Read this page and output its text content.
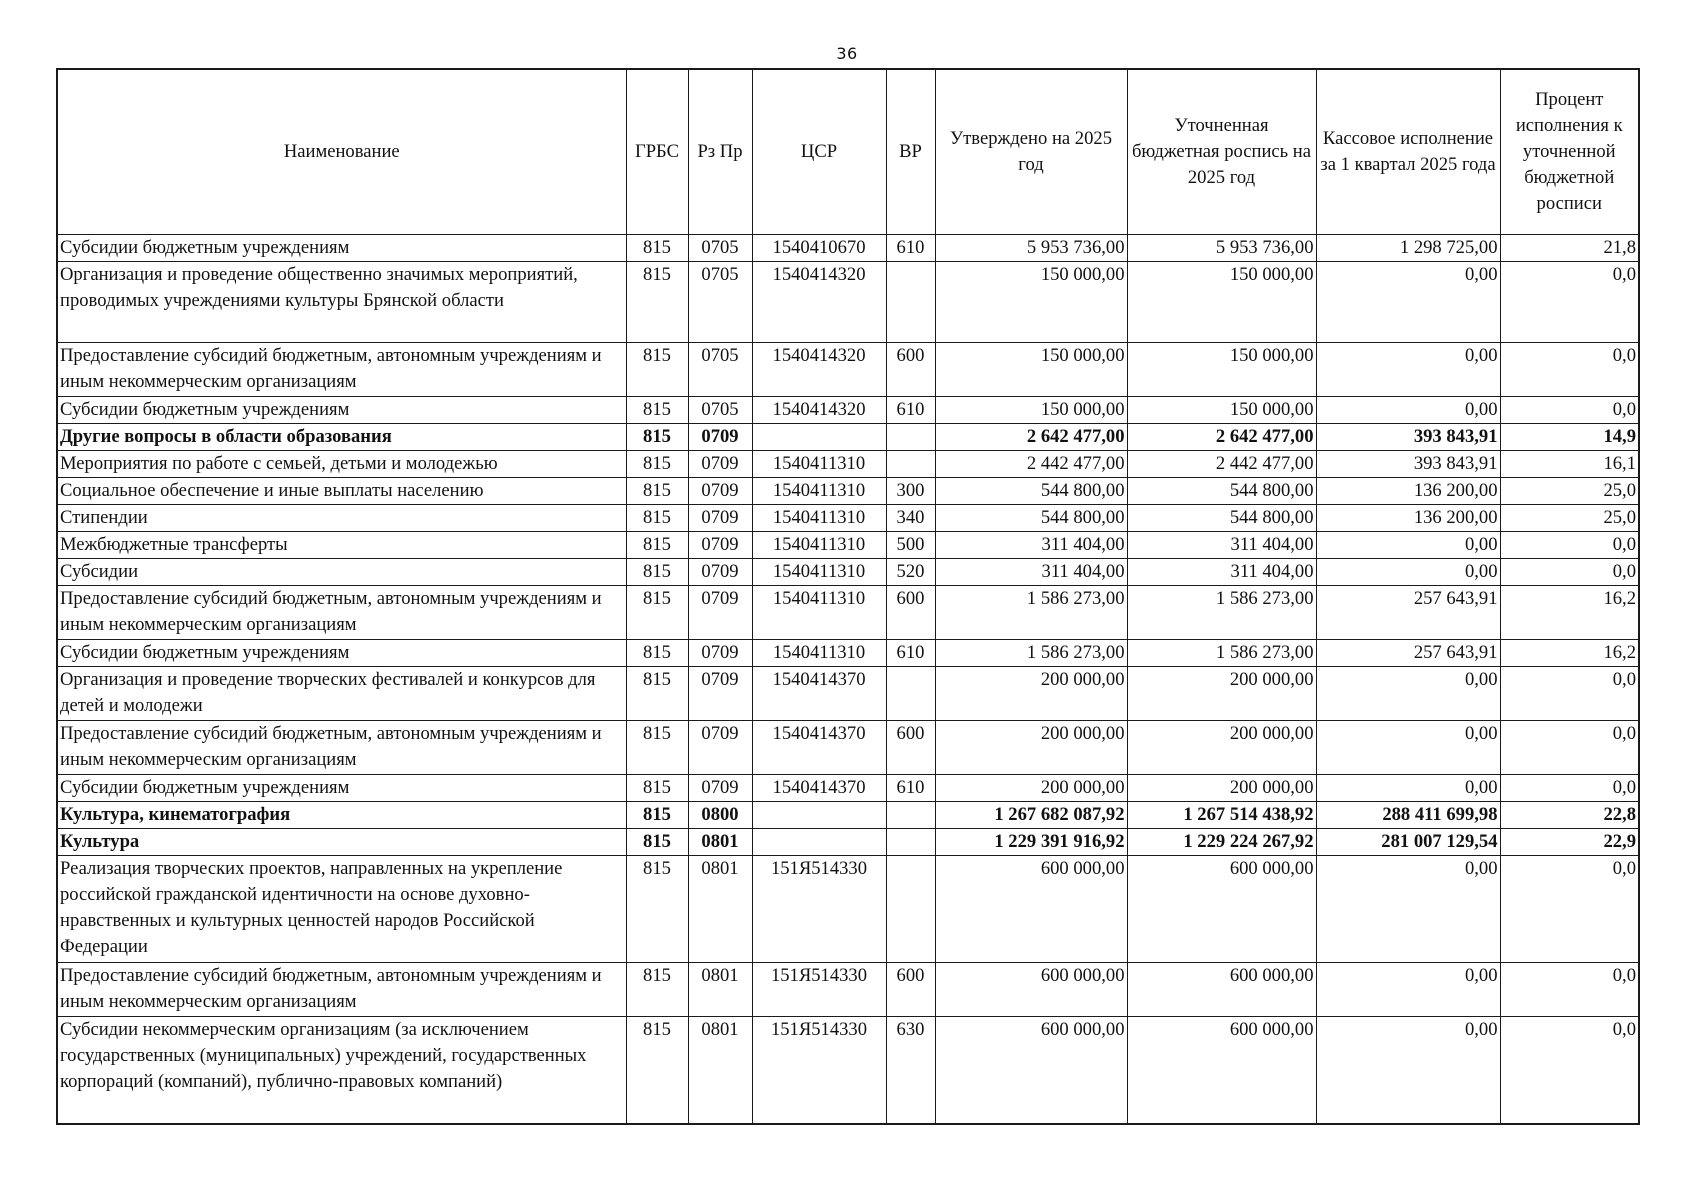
36
Наименование	ГРБС	Рз Пр	ЦСР	ВР	Утверждено на 2025 год	Уточненная бюджетная роспись на 2025 год	Кассовое исполнение за 1 квартал 2025 года	Процент исполнения к уточненной бюджетной росписи
Субсидии бюджетным учреждениям	815	0705	1540410670	610	5 953 736,00	5 953 736,00	1 298 725,00	21,8
Организация и проведение общественно значимых мероприятий, проводимых учреждениями культуры Брянской области	815	0705	1540414320		150 000,00	150 000,00	0,00	0,0
Предоставление субсидий бюджетным, автономным учреждениям и иным некоммерческим организациям	815	0705	1540414320	600	150 000,00	150 000,00	0,00	0,0
Субсидии бюджетным учреждениям	815	0705	1540414320	610	150 000,00	150 000,00	0,00	0,0
Другие вопросы в области образования	815	0709			2 642 477,00	2 642 477,00	393 843,91	14,9
Мероприятия по работе с семьей, детьми и молодежью	815	0709	1540411310		2 442 477,00	2 442 477,00	393 843,91	16,1
Социальное обеспечение и иные выплаты населению	815	0709	1540411310	300	544 800,00	544 800,00	136 200,00	25,0
Стипендии	815	0709	1540411310	340	544 800,00	544 800,00	136 200,00	25,0
Межбюджетные трансферты	815	0709	1540411310	500	311 404,00	311 404,00	0,00	0,0
Субсидии	815	0709	1540411310	520	311 404,00	311 404,00	0,00	0,0
Предоставление субсидий бюджетным, автономным учреждениям и иным некоммерческим организациям	815	0709	1540411310	600	1 586 273,00	1 586 273,00	257 643,91	16,2
Субсидии бюджетным учреждениям	815	0709	1540411310	610	1 586 273,00	1 586 273,00	257 643,91	16,2
Организация и проведение творческих фестивалей и конкурсов для детей и молодежи	815	0709	1540414370		200 000,00	200 000,00	0,00	0,0
Предоставление субсидий бюджетным, автономным учреждениям и иным некоммерческим организациям	815	0709	1540414370	600	200 000,00	200 000,00	0,00	0,0
Субсидии бюджетным учреждениям	815	0709	1540414370	610	200 000,00	200 000,00	0,00	0,0
Культура, кинематография	815	0800			1 267 682 087,92	1 267 514 438,92	288 411 699,98	22,8
Культура	815	0801			1 229 391 916,92	1 229 224 267,92	281 007 129,54	22,9
Реализация творческих проектов, направленных на укрепление российской гражданской идентичности на основе духовно-нравственных и культурных ценностей народов Российской Федерации	815	0801	151Я514330		600 000,00	600 000,00	0,00	0,0
Предоставление субсидий бюджетным, автономным учреждениям и иным некоммерческим организациям	815	0801	151Я514330	600	600 000,00	600 000,00	0,00	0,0
Субсидии некоммерческим организациям (за исключением государственных (муниципальных) учреждений, государственных корпораций (компаний), публично-правовых компаний)	815	0801	151Я514330	630	600 000,00	600 000,00	0,00	0,0
